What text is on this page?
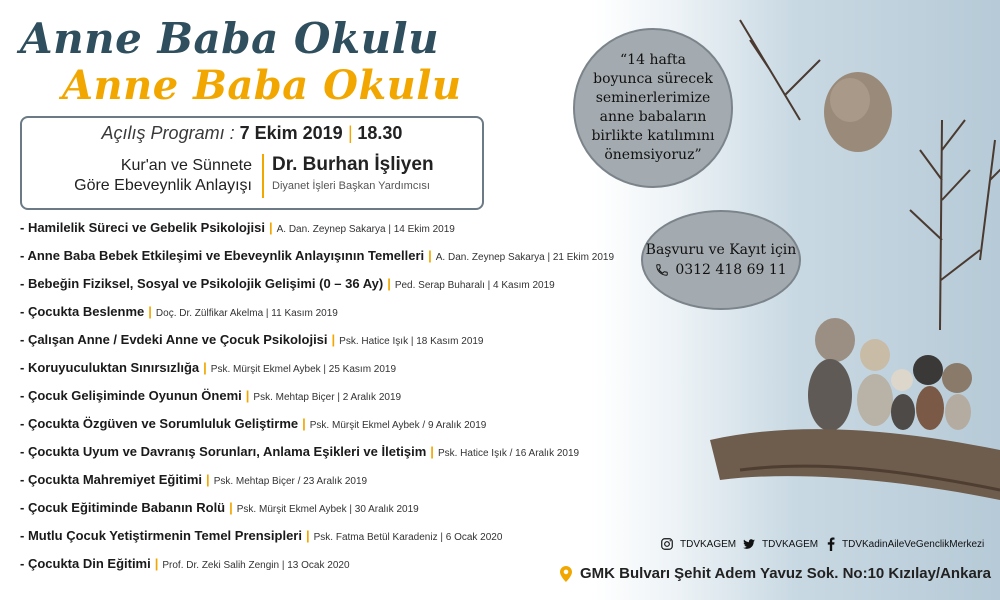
Anne Baba Okulu
Anne Baba Okulu
Açılış Programı : 7 Ekim 2019 | 18.30
Kur'an ve Sünnete
Göre Ebeveynlik Anlayışı
Dr. Burhan İşliyen
Diyanet İşleri Başkan Yardımcısı
- Hamilelik Süreci ve Gebelik Psikolojisi | A. Dan. Zeynep Sakarya | 14 Ekim 2019
- Anne Baba Bebek Etkileşimi ve Ebeveynlik Anlayışının Temelleri | A. Dan. Zeynep Sakarya | 21 Ekim 2019
- Bebeğin Fiziksel, Sosyal ve Psikolojik Gelişimi (0 – 36 Ay) | Ped. Serap Buharalı | 4 Kasım 2019
- Çocukta Beslenme | Doç. Dr. Zülfikar Akelma | 11 Kasım 2019
- Çalışan Anne / Evdeki Anne ve Çocuk Psikolojisi | Psk. Hatice Işık | 18 Kasım 2019
- Koruyuculuktan Sınırsızlığa | Psk. Mürşit Ekmel Aybek | 25 Kasım 2019
- Çocuk Gelişiminde Oyunun Önemi | Psk. Mehtap Biçer | 2 Aralık 2019
- Çocukta Özgüven ve Sorumluluk Geliştirme | Psk. Mürşit Ekmel Aybek / 9 Aralık 2019
- Çocukta Uyum ve Davranış Sorunları, Anlama Eşikleri ve İletişim | Psk. Hatice Işık / 16 Aralık 2019
- Çocukta Mahremiyet Eğitimi | Psk. Mehtap Biçer / 23 Aralık 2019
- Çocuk Eğitiminde Babanın Rolü | Psk. Mürşit Ekmel Aybek | 30 Aralık 2019
- Mutlu Çocuk Yetiştirmenin Temel Prensipleri | Psk. Fatma Betül Karadeniz | 6 Ocak 2020
- Çocukta Din Eğitimi | Prof. Dr. Zeki Salih Zengin | 13 Ocak 2020
“14 hafta
boyunca sürecek
seminerlerimize
anne babaların
birlikte katılımını
önemsiyoruz”
Başvuru ve Kayıt için
0312 418 69 11
TDVKAGEM	TDVKAGEM TDVKadinAileVeGenclikMerkezi
GMK Bulvarı Şehit Adem Yavuz Sok. No:10 Kızılay/Ankara
